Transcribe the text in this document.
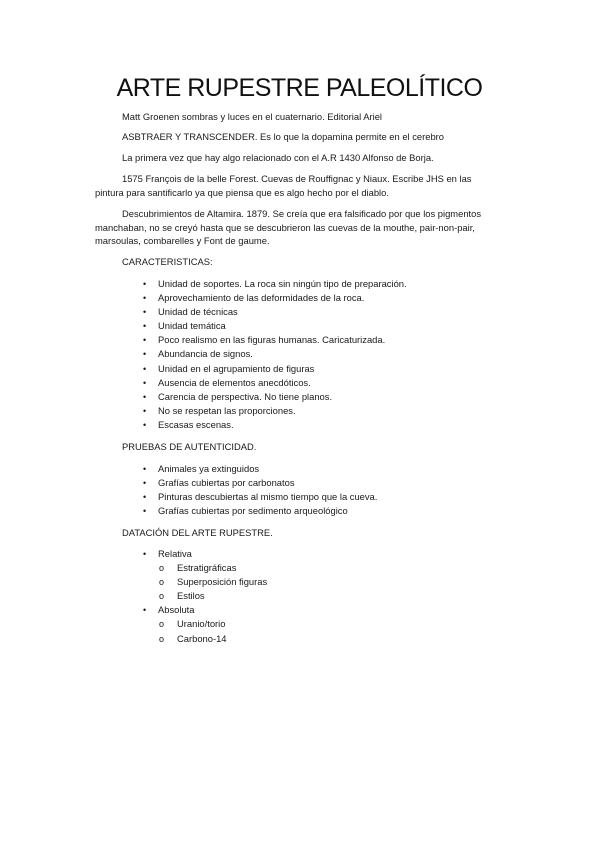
ARTE RUPESTRE PALEOLÍTICO

Matt Groenen sombras y luces en el cuaternario. Editorial Ariel

ASBTRAER Y TRANSCENDER. Es lo que la dopamina permite en el cerebro

La primera vez que hay algo relacionado con el A.R 1430 Alfonso de Borja.

1575 François de la belle Forest. Cuevas de Rouffignac y Niaux. Escribe JHS en las pintura para santificarlo ya que piensa que es algo hecho por el diablo.

Descubrimientos de Altamira. 1879. Se creía que era falsificado por que los pigmentos manchaban, no se creyó hasta que se descubrieron las cuevas de la mouthe, pair-non-pair, marsoulas, combarelles y Font de gaume.

CARACTERISTICAS:

• Unidad de soportes. La roca sin ningún tipo de preparación.
• Aprovechamiento de las deformidades de la roca.
• Unidad de técnicas
• Unidad temática
• Poco realismo en las figuras humanas. Caricaturizada.
• Abundancia de signos.
• Unidad en el agrupamiento de figuras
• Ausencia de elementos anecdóticos.
• Carencia de perspectiva. No tiene planos.
• No se respetan las proporciones.
• Escasas escenas.

PRUEBAS DE AUTENTICIDAD.

• Animales ya extinguidos
• Grafías cubiertas por carbonatos
• Pinturas descubiertas al mismo tiempo que la cueva.
• Grafías cubiertas por sedimento arqueológico

DATACIÓN DEL ARTE RUPESTRE.

• Relativa
o Estratigráficas
o Superposición figuras
o Estilos
• Absoluta
o Uranio/torio
o Carbono-14
